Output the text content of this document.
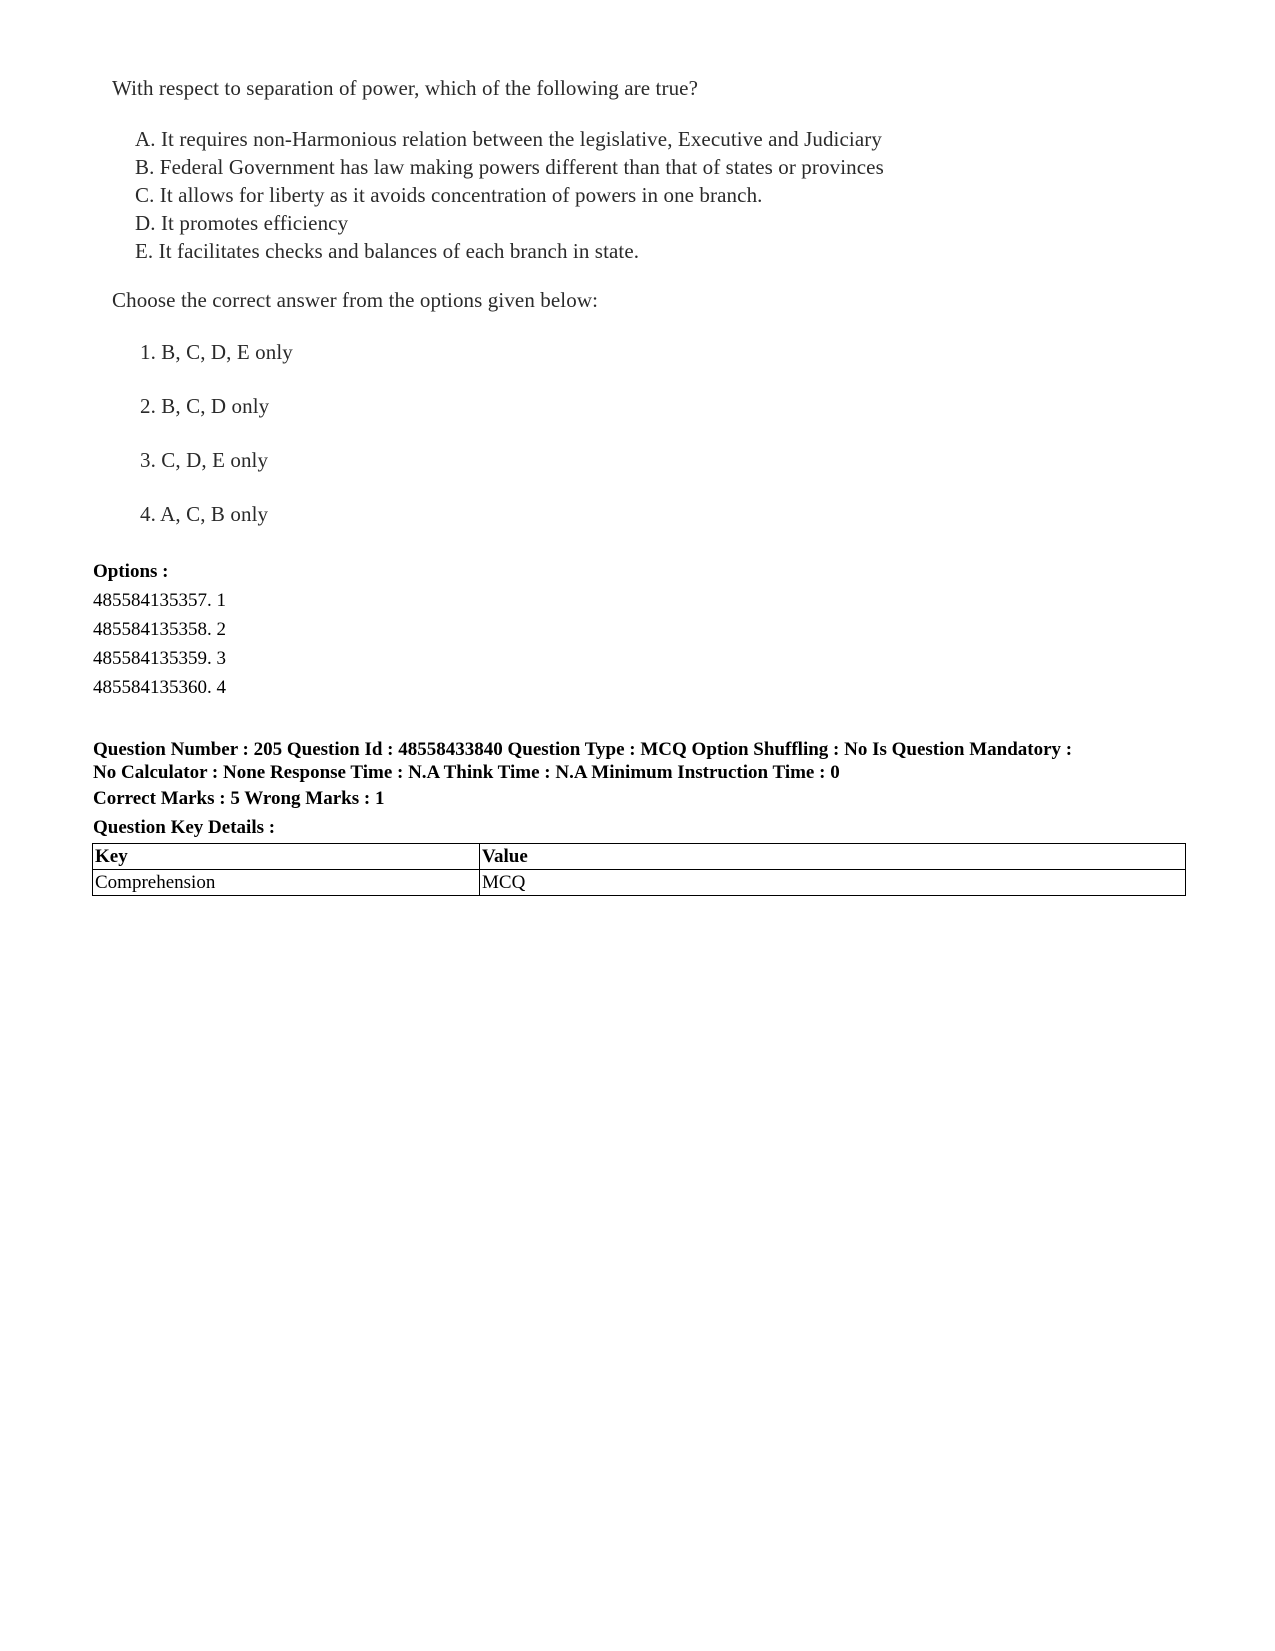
With respect to separation of power, which of the following are true?
A. It requires non-Harmonious relation between the legislative, Executive and Judiciary
B. Federal Government has law making powers different than that of states or provinces
C. It allows for liberty as it avoids concentration of powers in one branch.
D. It promotes efficiency
E. It facilitates checks and balances of each branch in state.
Choose the correct answer from the options given below:
1. B, C, D, E only
2. B, C, D only
3. C, D, E only
4. A, C, B only
Options :
485584135357. 1
485584135358. 2
485584135359. 3
485584135360. 4
Question Number : 205 Question Id : 48558433840 Question Type : MCQ Option Shuffling : No Is Question Mandatory :
No Calculator : None Response Time : N.A Think Time : N.A Minimum Instruction Time : 0
Correct Marks : 5 Wrong Marks : 1
Question Key Details :
Key	Value
Comprehension	MCQ
